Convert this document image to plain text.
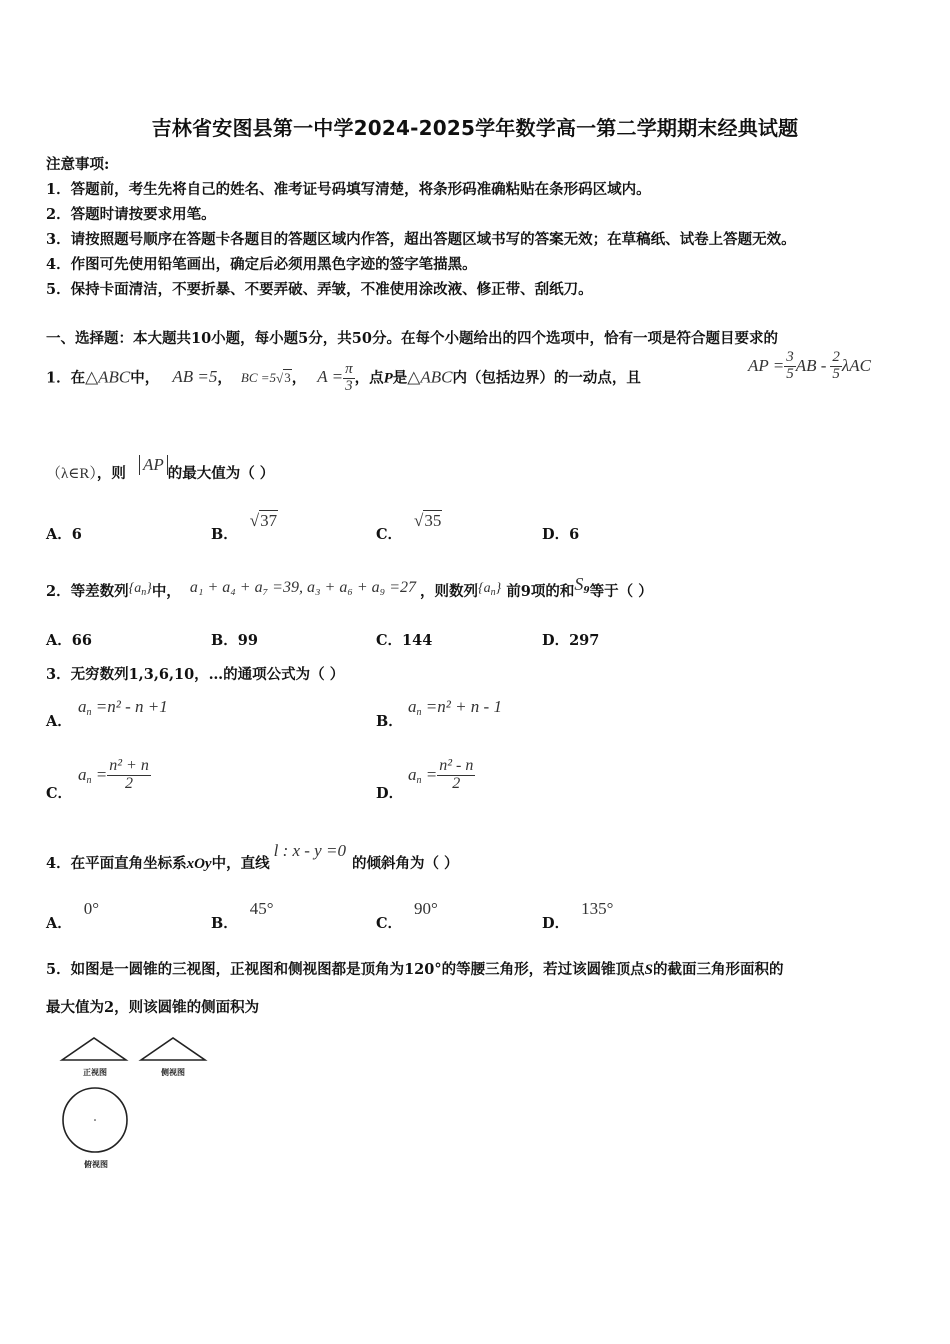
吉林省安图县第一中学2024-2025学年数学高一第二学期期末经典试题
注意事项:
1．答题前，考生先将自己的姓名、准考证号码填写清楚，将条形码准确粘贴在条形码区域内。
2．答题时请按要求用笔。
3．请按照题号顺序在答题卡各题目的答题区域内作答，超出答题区域书写的答案无效；在草稿纸、试卷上答题无效。
4．作图可先使用铅笔画出，确定后必须用黑色字迹的签字笔描黑。
5．保持卡面清洁，不要折暴、不要弄破、弄皱，不准使用涂改液、修正带、刮纸刀。
一、选择题：本大题共10小题，每小题5分，共50分。在每个小题给出的四个选项中，恰有一项是符合题目要求的
1．在△ABC中， AB =5， BC =5√3， $A = \frac{\pi}{3}$ ，点P是△ABC内（包括边界）的一动点，且
AP = $\frac{3}{5}$ AB - $\frac{2}{5}$ λAC
（λ∈R），则 AP 的最大值为（ ）
A．6	B．√37
C．√35
D．6
2．等差数列$\{a_n\}$中， a₁ + a₄ + a₇ =39, a₃ + a₆ + a₉ =27 ，则数列$\{a_n\}$ 前9项的和$S^9$等于（ ）
A．66	B．99	C．144	D．297
3．无穷数列1,3,6,10，…的通项公式为（ ）
A．
$a_n =n^2 - n +1$
B．
$a_n =n^2 + n - 1$
C．
$a_n = \frac{\text{n² + n}}{2}$
D．
$a_n = \frac{\text{n² - n}}{2}$
4．在平面直角坐标系xOy中，直线l : x - y =0的倾斜角为（ ）
A．0°
B．45°
C．90°
D．135°
5．如图是一圆锥的三视图，正视图和侧视图都是顶角为120°的等腰三角形，若过该圆锥顶点S的截面三角形面积的
最大值为2，则该圆锥的侧面积为
正视图	侧视图
俯视图
